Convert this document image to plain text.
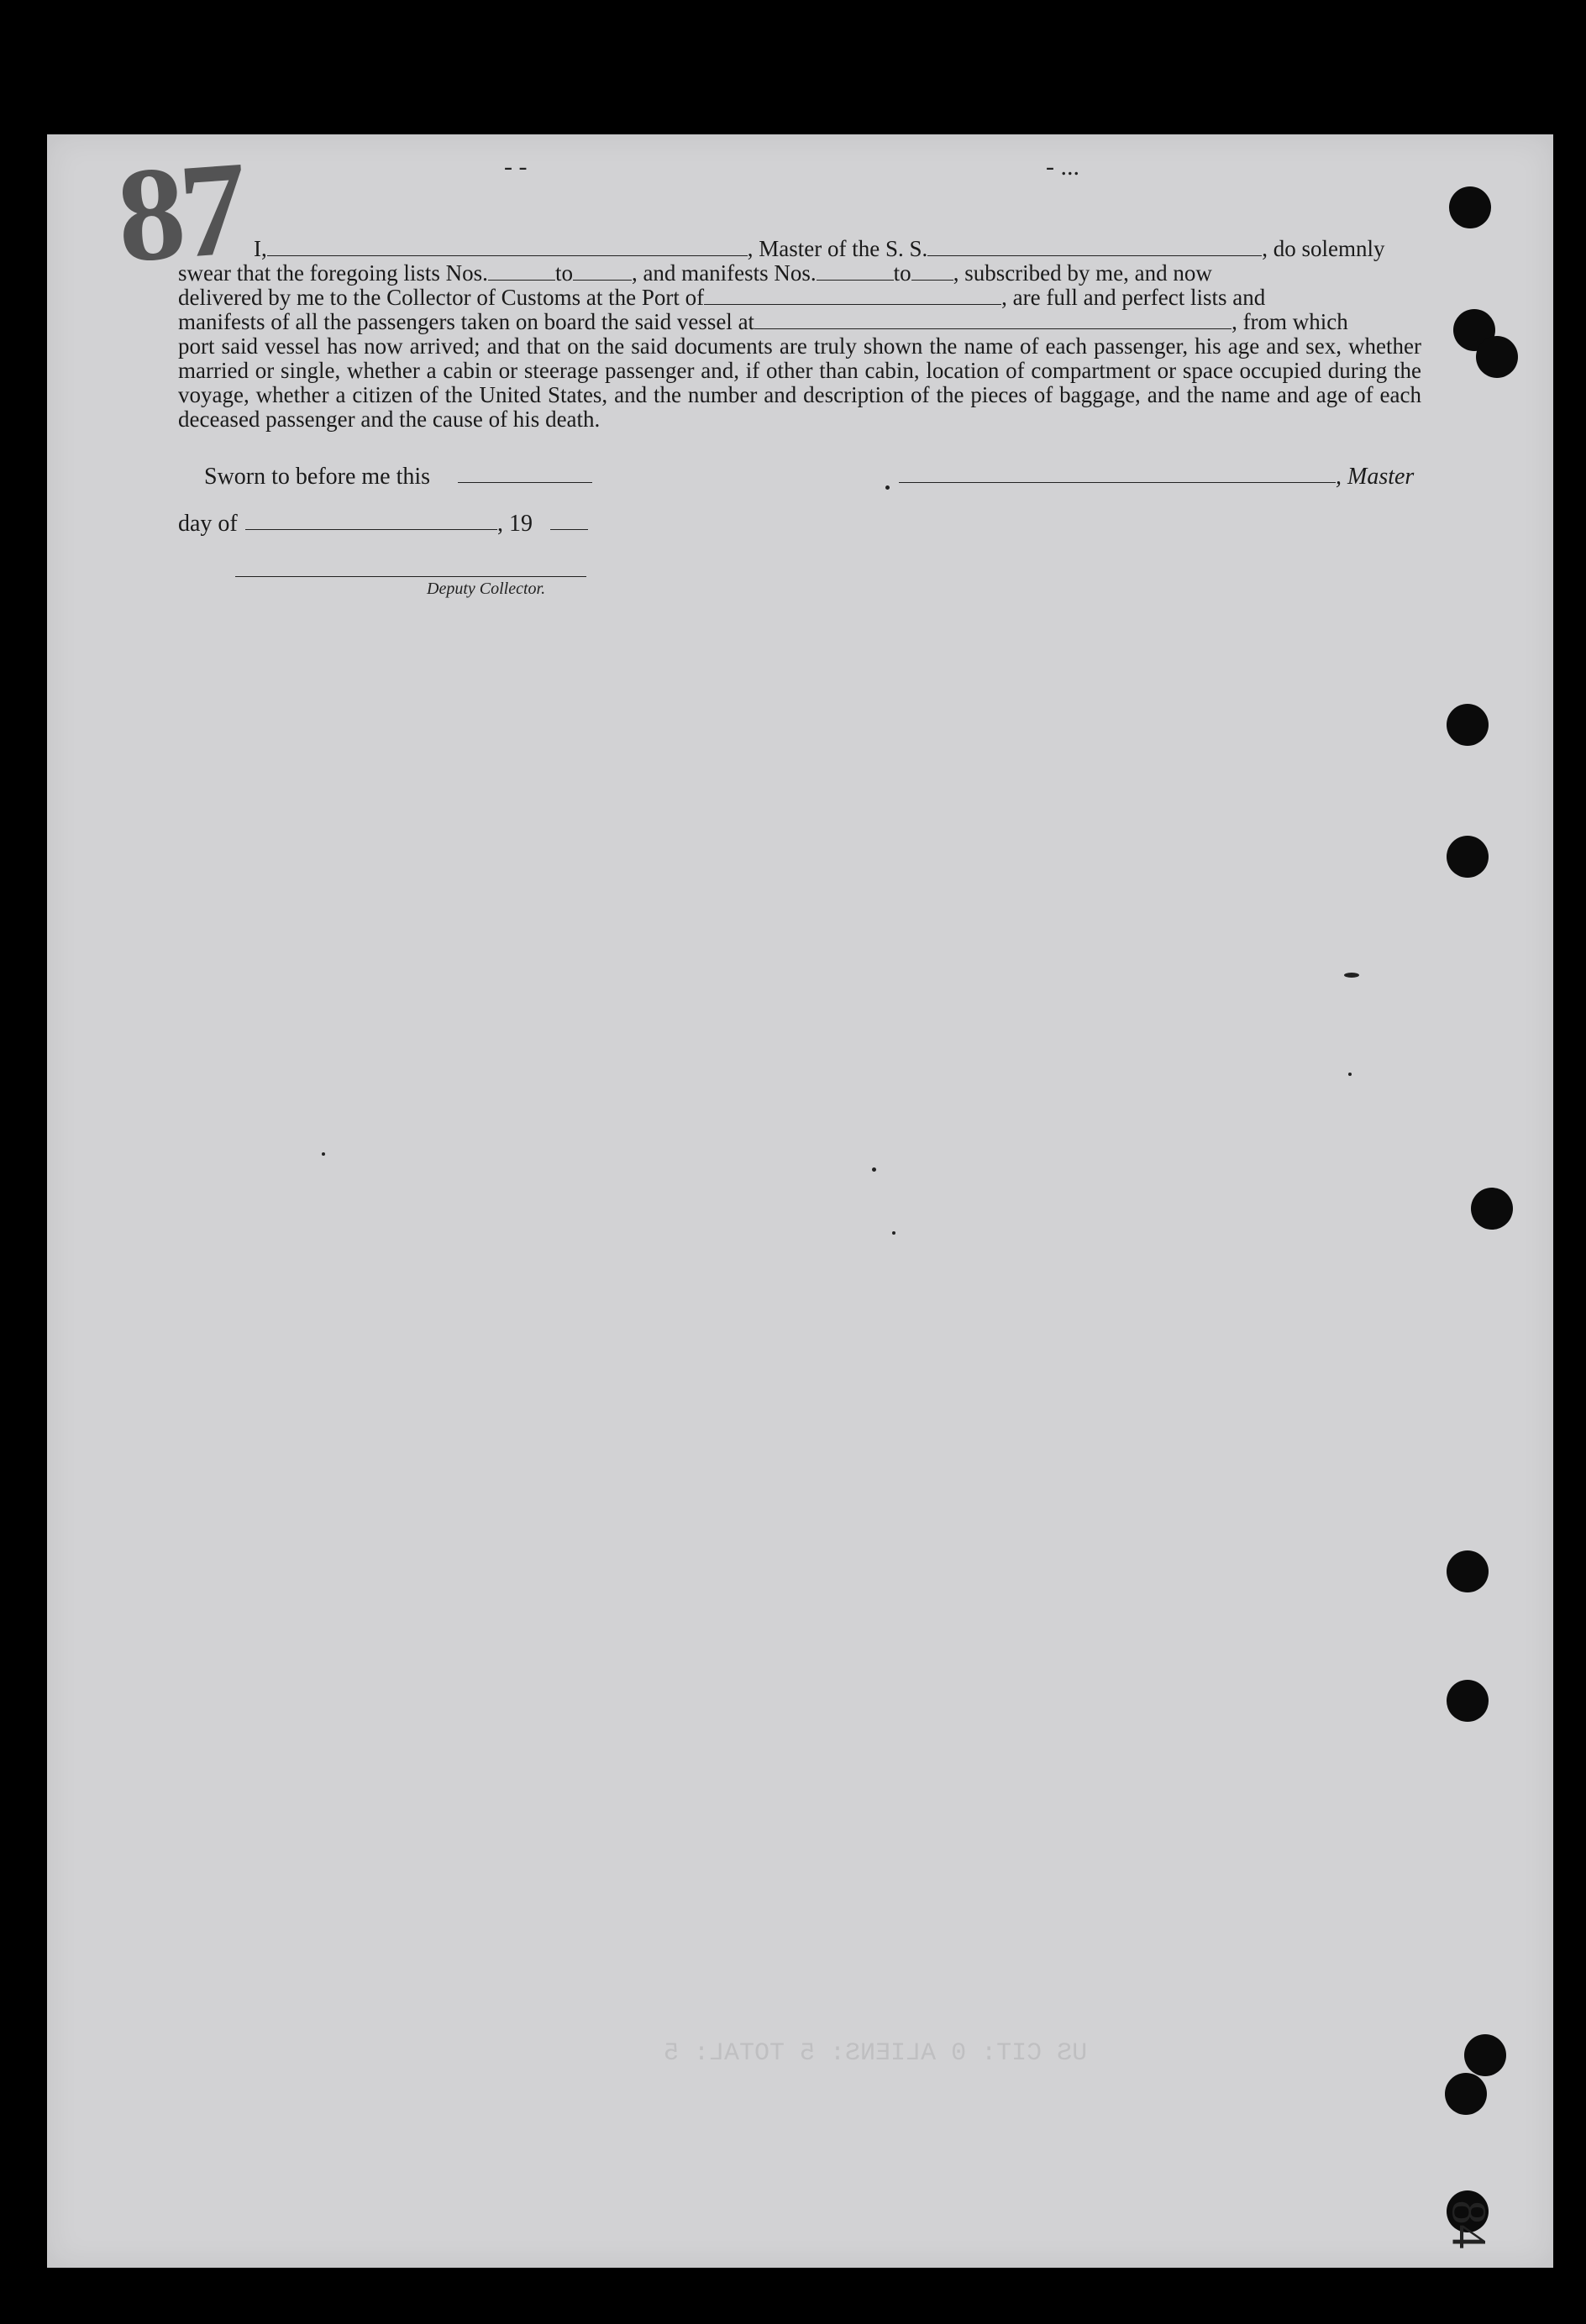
87	- -	- ...

I,	, Master of the S. S.	, do solemnly

swear that the foregoing lists Nos.	to	, and manifests Nos.	to , subscribed by me, and now

delivered by me to the Collector of Customs at the Port of	, are full and perfect lists and

manifests of all the passengers taken on board the said vessel at	, from which

port said vessel has now arrived; and that on the said documents are truly shown the name of each passenger, his age and sex, whether married or single, whether a cabin or steerage passenger and, if other than cabin, location of compartment or space occupied during the voyage, whether a citizen of the United States, and the number and description of the pieces of baggage, and the name and age of each deceased passenger and the cause of his death.

Sworn to before me this	, Master
day of	, 19
Deputy Collector.
US CIT: 0 ALIENS: 5 TOTAL: 5
84
